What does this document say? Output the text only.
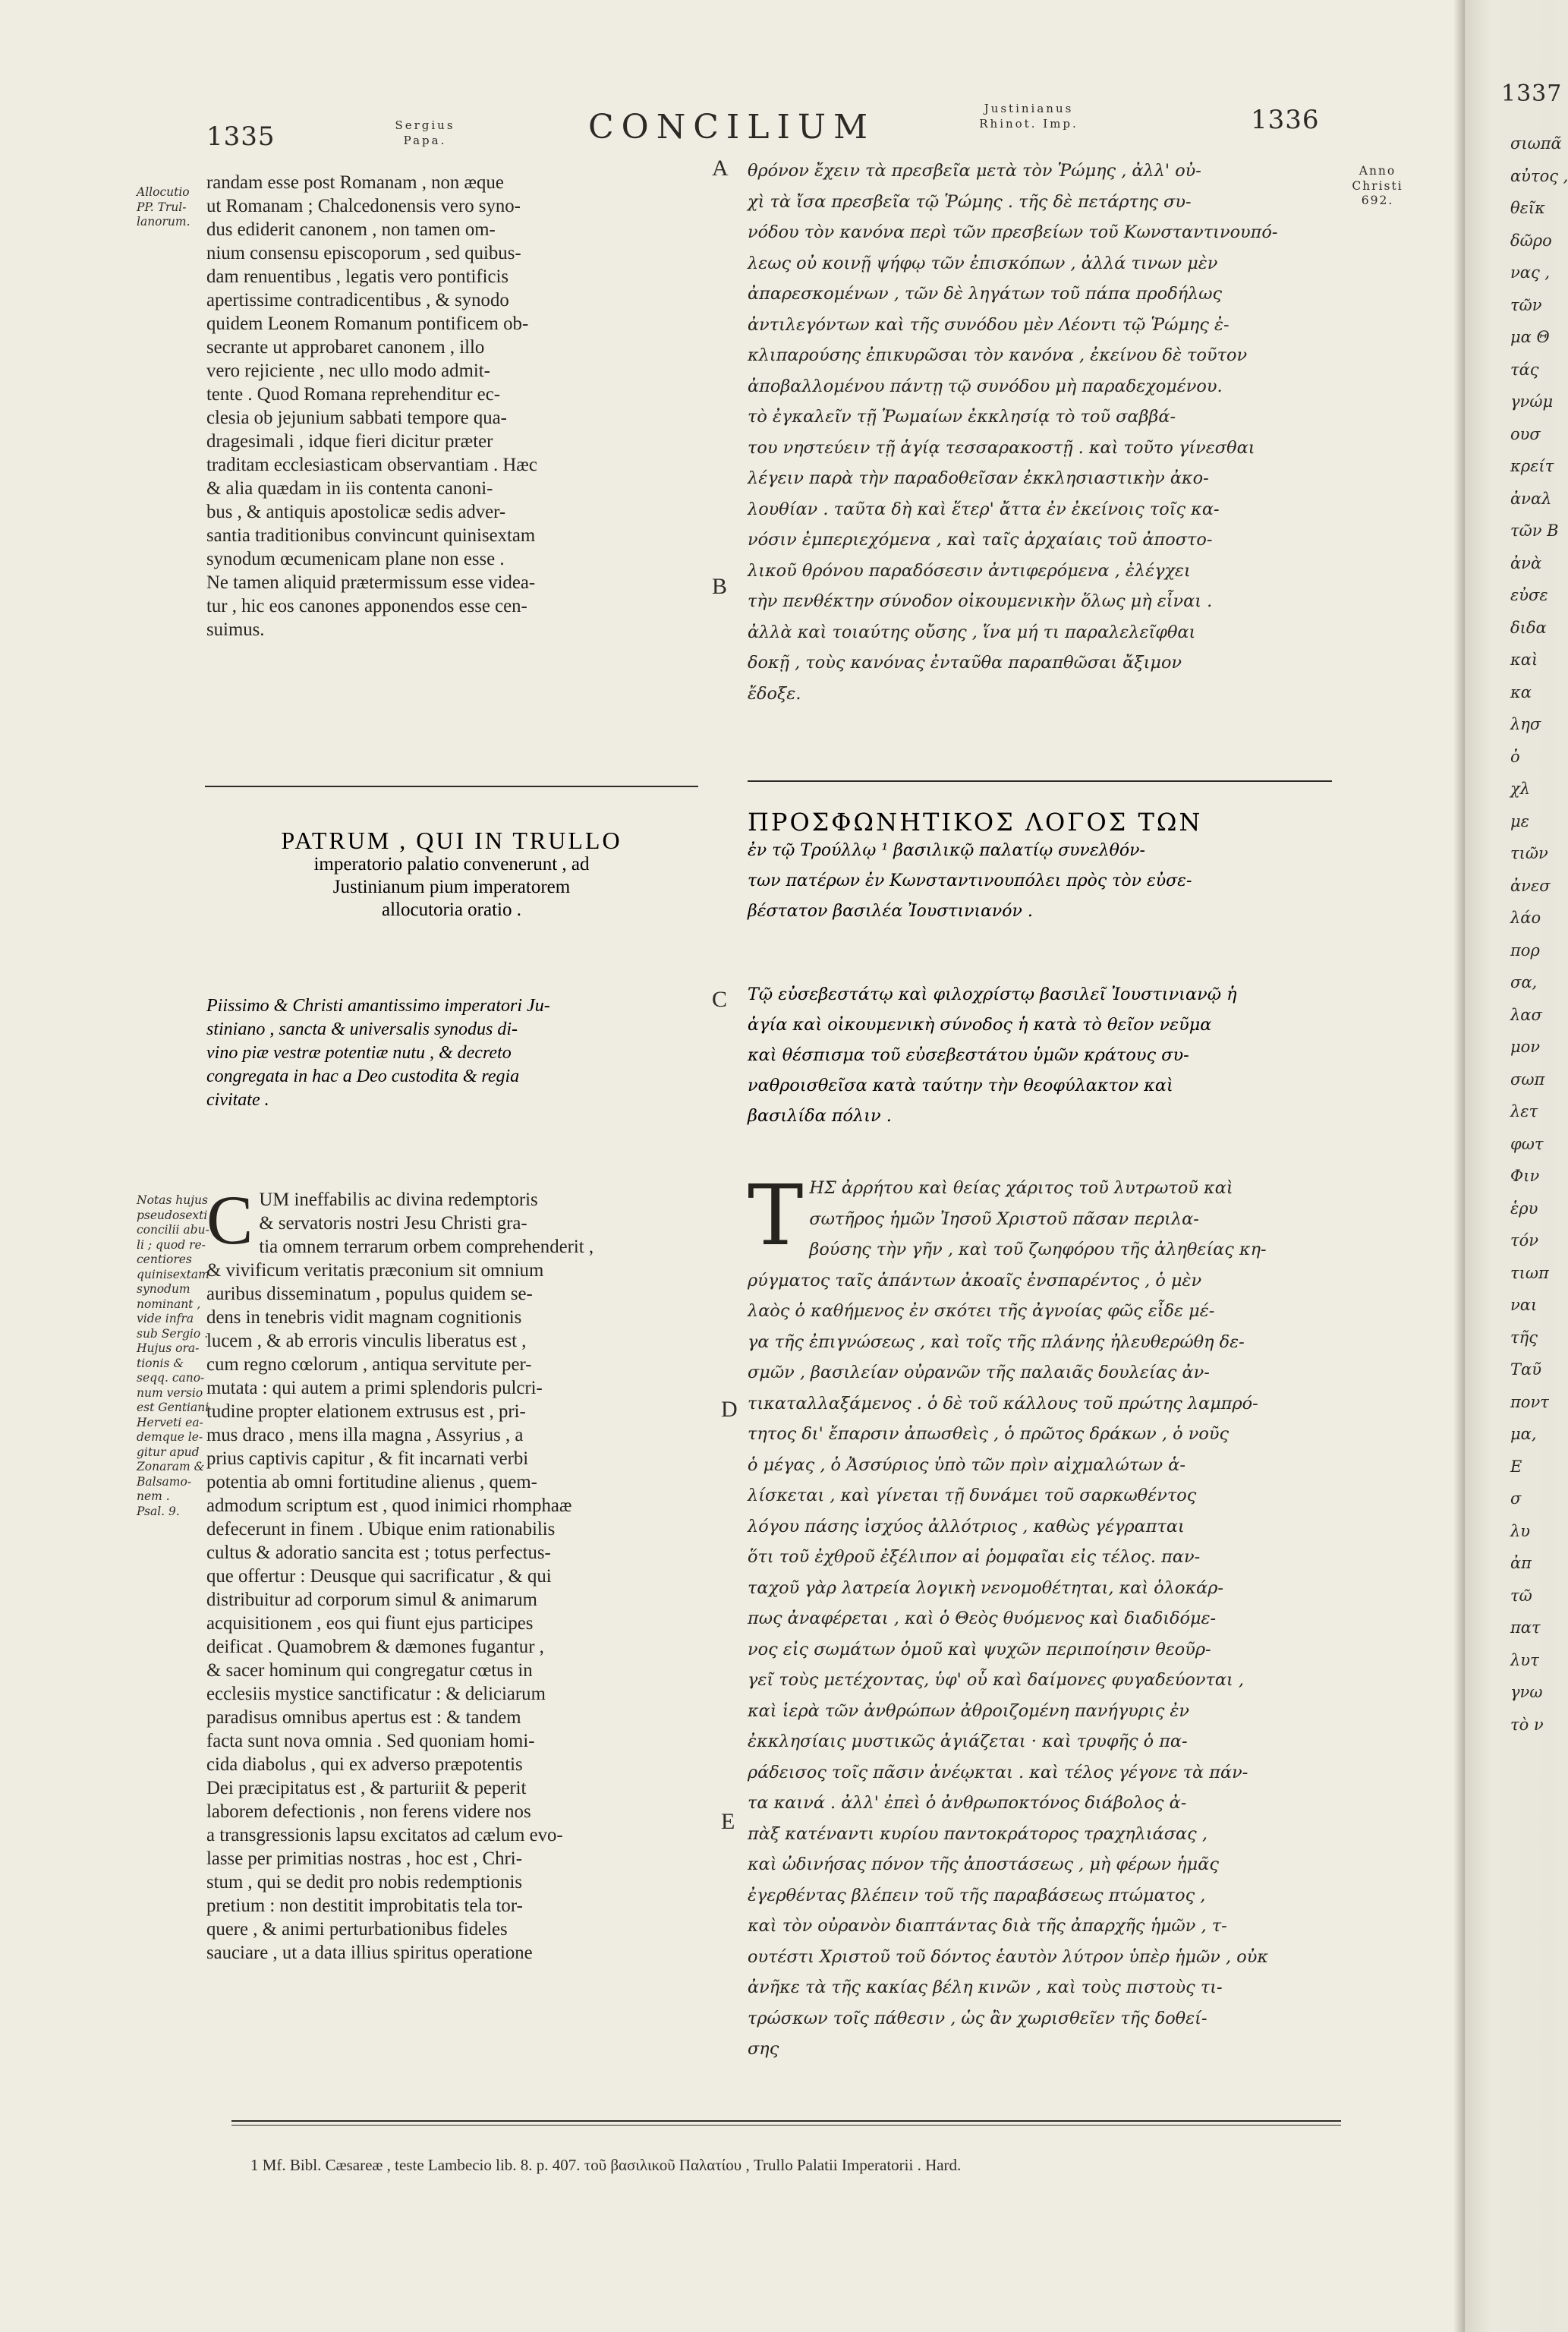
1335	Sergius
Papa.	CONCILIUM	Justinianus
Rhinot. Imp.	1336
1337
Allocutio
PP. Trul-
lanorum.
Anno
Christi
692.
A
B
C
D
E
randam esse post Romanam , non æque
ut Romanam ; Chalcedonensis vero syno-
dus ediderit canonem , non tamen om-
nium consensu episcoporum , sed quibus-
dam renuentibus , legatis vero pontificis
apertissime contradicentibus , & synodo
quidem Leonem Romanum pontificem ob-
secrante ut approbaret canonem , illo
vero rejiciente , nec ullo modo admit-
tente . Quod Romana reprehenditur ec-
clesia ob jejunium sabbati tempore qua-
dragesimali , idque fieri dicitur præter
traditam ecclesiasticam observantiam . Hæc
& alia quædam in iis contenta canoni-
bus , & antiquis apostolicæ sedis adver-
santia traditionibus convincunt quinisextam
synodum œcumenicam plane non esse .
Ne tamen aliquid prætermissum esse videa-
tur , hic eos canones apponendos esse cen-
suimus.
θρόνον ἔχειν τὰ πρεσβεῖα μετὰ τὸν Ῥώμης , ἀλλ' οὐ-
χὶ τὰ ἴσα πρεσβεῖα τῷ Ῥώμης . τῆς δὲ πετάρτης συ-
νόδου τὸν κανόνα περὶ τῶν πρεσβείων τοῦ Κωνσταντινουπό-
λεως οὐ κοινῇ ψήφῳ τῶν ἐπισκόπων , ἀλλά τινων μὲν
ἀπαρεσκομένων , τῶν δὲ ληγάτων τοῦ πάπα προδήλως
ἀντιλεγόντων καὶ τῆς συνόδου μὲν Λέοντι τῷ Ῥώμης ἐ-
κλιπαρούσης ἐπικυρῶσαι τὸν κανόνα , ἐκείνου δὲ τοῦτον
ἀποβαλλομένου πάντῃ τῷ συνόδου μὴ παραδεχομένου.
τὸ ἐγκαλεῖν τῇ Ῥωμαίων ἐκκλησίᾳ τὸ τοῦ σαββά-
του νηστεύειν τῇ ἁγίᾳ τεσσαρακοστῇ . καὶ τοῦτο γίνεσθαι
λέγειν παρὰ τὴν παραδοθεῖσαν ἐκκλησιαστικὴν ἀκο-
λουθίαν . ταῦτα δὴ καὶ ἕτερ' ἄττα ἐν ἐκείνοις τοῖς κα-
νόσιν ἐμπεριεχόμενα , καὶ ταῖς ἀρχαίαις τοῦ ἀποστο-
λικοῦ θρόνου παραδόσεσιν ἀντιφερόμενα , ἐλέγχει
τὴν πενθέκτην σύνοδον οἰκουμενικὴν ὅλως μὴ εἶναι .
ἀλλὰ καὶ τοιαύτης οὔσης , ἵνα μή τι παραλελεῖφθαι
δοκῇ , τοὺς κανόνας ἐνταῦθα παραπθῶσαι ἄξιμον
ἔδοξε.
PATRUM , QUI IN TRULLO
imperatorio palatio convenerunt , ad
Justinianum pium imperatorem
allocutoria oratio .
ΠΡΟΣΦΩΝΗΤΙΚΟΣ ΛΟΓΟΣ ΤΩΝ
ἐν τῷ Τρούλλῳ ¹ βασιλικῷ παλατίῳ συνελθόν-
των πατέρων ἐν Κωνσταντινουπόλει πρὸς τὸν εὐσε-
βέστατον βασιλέα Ἰουστινιανόν .
Piissimo & Christi amantissimo imperatori Ju-
stiniano , sancta & universalis synodus di-
vino piæ vestræ potentiæ nutu , & decreto
congregata in hac a Deo custodita & regia
civitate .
Τῷ εὐσεβεστάτῳ καὶ φιλοχρίστῳ βασιλεῖ Ἰουστινιανῷ ἡ
ἁγία καὶ οἰκουμενικὴ σύνοδος ἡ κατὰ τὸ θεῖον νεῦμα
καὶ θέσπισμα τοῦ εὐσεβεστάτου ὑμῶν κράτους συ-
ναθροισθεῖσα κατὰ ταύτην τὴν θεοφύλακτον καὶ
βασιλίδα πόλιν .
Notas hujus
pseudosexti
concilii abu-
li ; quod re-
centiores
quinisextam
synodum
nominant ,
vide infra
sub Sergio .
Hujus ora-
tionis &
seqq. cano-
num versio
est Gentiani
Herveti ea-
demque le-
gitur apud
Zonaram &
Balsamo-
nem .
Psal. 9.
C UM ineffabilis ac divina redemptoris
& servatoris nostri Jesu Christi gra-
tia omnem terrarum orbem comprehenderit ,
& vivificum veritatis præconium sit omnium
auribus disseminatum , populus quidem se-
dens in tenebris vidit magnam cognitionis
lucem , & ab erroris vinculis liberatus est ,
cum regno cœlorum , antiqua servitute per-
mutata : qui autem a primi splendoris pulcri-
tudine propter elationem extrusus est , pri-
mus draco , mens illa magna , Assyrius , a
prius captivis capitur , & fit incarnati verbi
potentia ab omni fortitudine alienus , quem-
admodum scriptum est , quod inimici rhomphaæ
defecerunt in finem . Ubique enim rationabilis
cultus & adoratio sancita est ; totus perfectus-
que offertur : Deusque qui sacrificatur , & qui
distribuitur ad corporum simul & animarum
acquisitionem , eos qui fiunt ejus participes
deificat . Quamobrem & dæmones fugantur ,
& sacer hominum qui congregatur cœtus in
ecclesiis mystice sanctificatur : & deliciarum
paradisus omnibus apertus est : & tandem
facta sunt nova omnia . Sed quoniam homi-
cida diabolus , qui ex adverso præpotentis
Dei præcipitatus est , & parturiit & peperit
laborem defectionis , non ferens videre nos
a transgressionis lapsu excitatos ad cælum evo-
lasse per primitias nostras , hoc est , Chri-
stum , qui se dedit pro nobis redemptionis
pretium : non destitit improbitatis tela tor-
quere , & animi perturbationibus fideles
sauciare , ut a data illius spiritus operatione
Τ ΗΣ ἀρρήτου καὶ θείας χάριτος τοῦ λυτρωτοῦ καὶ
σωτῆρος ἡμῶν Ἰησοῦ Χριστοῦ πᾶσαν περιλα-
βούσης τὴν γῆν , καὶ τοῦ ζωηφόρου τῆς ἀληθείας κη-
ρύγματος ταῖς ἁπάντων ἀκοαῖς ἐνσπαρέντος , ὁ μὲν
λαὸς ὁ καθήμενος ἐν σκότει τῆς ἀγνοίας φῶς εἶδε μέ-
γα τῆς ἐπιγνώσεως , καὶ τοῖς τῆς πλάνης ἠλευθερώθη δε-
σμῶν , βασιλείαν οὐρανῶν τῆς παλαιᾶς δουλείας ἀν-
τικαταλλαξάμενος . ὁ δὲ τοῦ κάλλους τοῦ πρώτης λαμπρό-
τητος δι' ἔπαρσιν ἀπωσθεὶς , ὁ πρῶτος δράκων , ὁ νοῦς
ὁ μέγας , ὁ Ἀσσύριος ὑπὸ τῶν πρὶν αἰχμαλώτων ἁ-
λίσκεται , καὶ γίνεται τῇ δυνάμει τοῦ σαρκωθέντος
λόγου πάσης ἰσχύος ἀλλότριος , καθὼς γέγραπται
ὅτι τοῦ ἐχθροῦ ἐξέλιπον αἱ ῥομφαῖαι εἰς τέλος. παν-
ταχοῦ γὰρ λατρεία λογικὴ νενομοθέτηται, καὶ ὁλοκάρ-
πως ἀναφέρεται , καὶ ὁ Θεὸς θυόμενος καὶ διαδιδόμε-
νος εἰς σωμάτων ὁμοῦ καὶ ψυχῶν περιποίησιν θεοῦρ-
γεῖ τοὺς μετέχοντας, ὑφ' οὗ καὶ δαίμονες φυγαδεύονται ,
καὶ ἱερὰ τῶν ἀνθρώπων ἀθροιζομένη πανήγυρις ἐν
ἐκκλησίαις μυστικῶς ἁγιάζεται · καὶ τρυφῆς ὁ πα-
ράδεισος τοῖς πᾶσιν ἀνέῳκται . καὶ τέλος γέγονε τὰ πάν-
τα καινά . ἀλλ' ἐπεὶ ὁ ἀνθρωποκτόνος διάβολος ἀ-
πὰξ κατέναντι κυρίου παντοκράτορος τραχηλιάσας ,
καὶ ὠδινήσας πόνον τῆς ἀποστάσεως , μὴ φέρων ἡμᾶς
ἐγερθέντας βλέπειν τοῦ τῆς παραβάσεως πτώματος ,
καὶ τὸν οὐρανὸν διαπτάντας διὰ τῆς ἀπαρχῆς ἡμῶν , τ-
ουτέστι Χριστοῦ τοῦ δόντος ἑαυτὸν λύτρον ὑπὲρ ἡμῶν , οὐκ
ἀνῆκε τὰ τῆς κακίας βέλη κινῶν , καὶ τοὺς πιστοὺς τι-
τρώσκων τοῖς πάθεσιν , ὡς ἂν χωρισθεῖεν τῆς δοθεί-
σης
1 Mf. Bibl. Cæsareæ , teste Lambecio lib. 8. p. 407. τοῦ βασιλικοῦ Παλατίου , Trullo Palatii Imperatorii . Hard.
σιωπᾶ
αὐτος ,
θεῖκ
δῶρο
νας ,
τῶν
μα Θ
τάς
γνώμ
ουσ
κρείτ
ἀναλ
τῶν Β
ἀνὰ
εὐσε
διδα
καὶ
κα
λησ
ὁ
χλ
με
τιῶν
ἀνεσ
λάο
πορ
σα,
λασ
μον
σωπ
λετ
φωτ
Φιν
ἑρυ
τόν
τιωπ
ναι
τῆς
Ταῦ
ποντ
μα,
Ε
σ
λυ
ἀπ
τῶ
πατ
λυτ
γνω
τὸ ν
